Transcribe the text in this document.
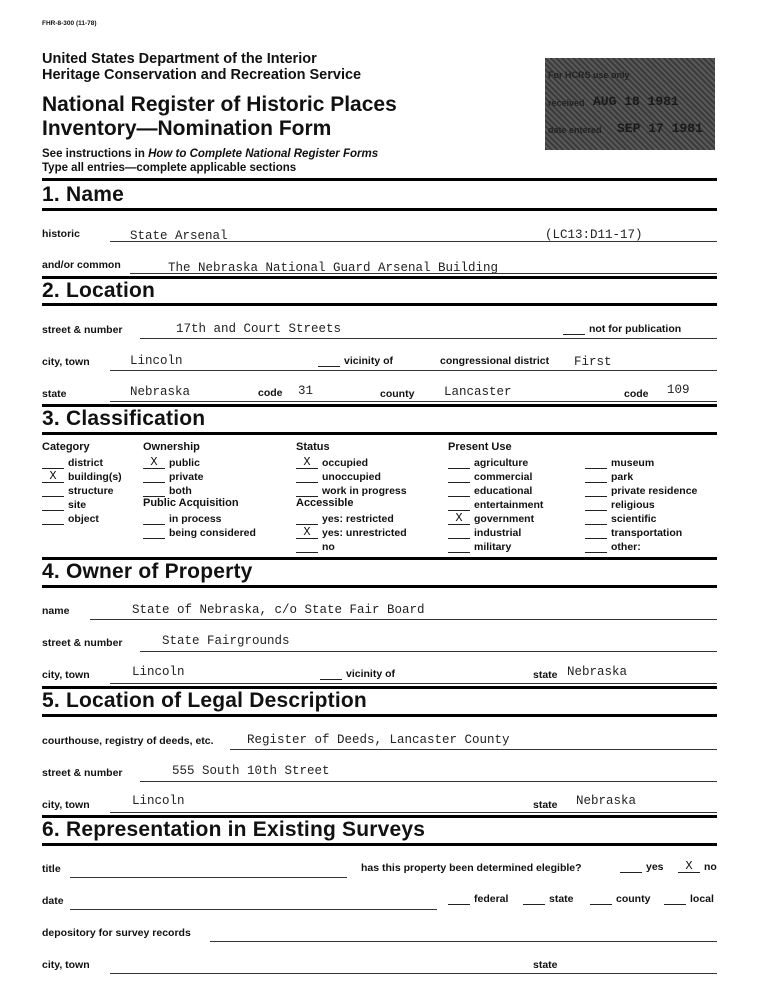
FHR-8-300 (11-78)
United States Department of the Interior
Heritage Conservation and Recreation Service
National Register of Historic Places
Inventory—Nomination Form
See instructions in How to Complete National Register Forms
Type all entries—complete applicable sections
For HCRS use only
received AUG 18 1981
date entered SEP 17 1981
1. Name
historic	State Arsenal	(LC13:D11-17)
and/or common	The Nebraska National Guard Arsenal Building
2. Location
street & number	17th and Court Streets	not for publication
city, town	Lincoln	vicinity of	congressional district First
state	Nebraska	code 31	county Lancaster	code 109
3. Classification
Category
district
X	building(s)
structure
site
object
Ownership
X	public
private
both
Public Acquisition
in process
being considered
Status
X	occupied
unoccupied
work in progress
Accessible
yes: restricted
X	yes: unrestricted
no
Present Use
agriculture
commercial
educational
entertainment
X	government
industrial
military
museum
park
private residence
religious
scientific
transportation
other:
4. Owner of Property
name	State of Nebraska, c/o State Fair Board
street & number	State Fairgrounds
city, town	Lincoln	vicinity of	state Nebraska
5. Location of Legal Description
courthouse, registry of deeds, etc.	Register of Deeds, Lancaster County
street & number	555 South 10th Street
city, town	Lincoln	state Nebraska
6. Representation in Existing Surveys
title	has this property been determined elegible?	yes	X	no
date	federal	state	county	local
depository for survey records
city, town	state
